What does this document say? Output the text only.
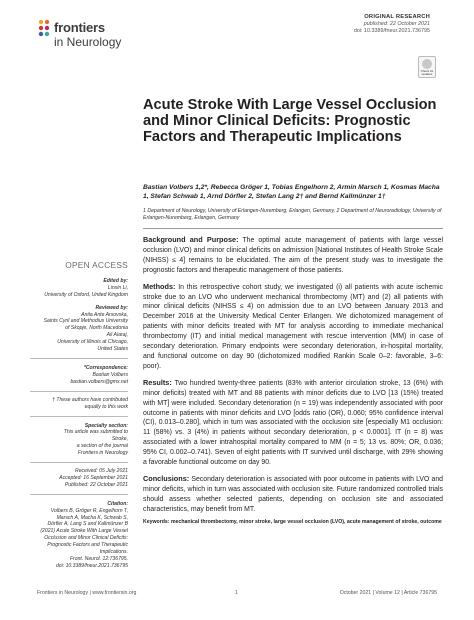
frontiers
in Neurology
ORIGINAL RESEARCH
published: 22 October 2021
doi: 10.3389/fneur.2021.736795
Check for updates
Acute Stroke With Large Vessel Occlusion and Minor Clinical Deficits: Prognostic Factors and Therapeutic Implications
Bastian Volbers 1,2*, Rebecca Gröger 1, Tobias Engelhorn 2, Armin Marsch 1, Kosmas Macha 1, Stefan Schwab 1, Arnd Dörfler 2, Stefan Lang 2† and Bernd Kallmünzer 1†
1 Department of Neurology, University of Erlangen-Nuremberg, Erlangen, Germany, 2 Department of Neuroradiology, University of Erlangen-Nuremberg, Erlangen, Germany

Background and Purpose: The optimal acute management of patients with large vessel occlusion (LVO) and minor clinical deficits on admission [National Institutes of Health Stroke Scale (NIHSS) ≤ 4] remains to be elucidated. The aim of the present study was to investigate the prognostic factors and therapeutic management of those patients.

Methods: In this retrospective cohort study, we investigated (i) all patients with acute ischemic stroke due to an LVO who underwent mechanical thrombectomy (MT) and (2) all patients with minor clinical deficits (NIHSS ≤ 4) on admission due to an LVO between January 2013 and December 2016 at the University Medical Center Erlangen. We dichotomized management of patients with minor deficits treated with MT for analysis according to immediate mechanical thrombectomy (IT) and initial medical management with rescue intervention (MM) in case of secondary deterioration. Primary endpoints were secondary deterioration, in-hospital mortality, and functional outcome on day 90 (dichotomized modified Rankin Scale 0–2: favorable, 3–6: poor).

Results: Two hundred twenty-three patients (83% with anterior circulation stroke, 13 (6%) with minor deficits) treated with MT and 88 patients with minor deficits due to LVO [13 (15%) treated with MT] were included. Secondary deterioration (n = 19) was independently associated with poor outcome in patients with minor deficits and LVO [odds ratio (OR), 0.060; 95% confidence interval (CI), 0.013–0.280], which in turn was associated with the occlusion site [especially M1 occlusion: 11 (58%) vs. 3 (4%) in patients without secondary deterioration, p < 0.0001]. IT (n = 8) was associated with a lower intrahospital mortality compared to MM (n = 5; 13 vs. 80%; OR, 0.036; 95% CI, 0.002–0.741). Seven of eight patients with IT survived until discharge, with 29% showing a favorable functional outcome on day 90.

Conclusions: Secondary deterioration is associated with poor outcome in patients with LVO and minor deficits, which in turn was associated with occlusion site. Future randomized controlled trials should assess whether selected patients, depending on occlusion site and associated characteristics, may benefit from MT.

Keywords: mechanical thrombectomy, minor stroke, large vessel occlusion (LVO), acute management of stroke, outcome

OPEN ACCESS
Edited by:
Linxin Li,
University of Oxford, United Kingdom
Reviewed by:
Anita Ante Arsovska,
Saints Cyril and Methodius University
of Skopje, North Macedonia
Ali Alaraj,
University of Illinois at Chicago,
United States
*Correspondence:
Bastian Volbers
bastian.volbers@gmx.net
† These authors have contributed
equally to this work
Specialty section:
This article was submitted to
Stroke,
a section of the journal
Frontiers in Neurology
Received: 05 July 2021
Accepted: 16 September 2021
Published: 22 October 2021
Citation:
Volbers B, Gröger R, Engelhorn T,
Marsch A, Macha K, Schwab S,
Dörfler A, Lang S and Kallmünzer B
(2021) Acute Stroke With Large Vessel
Occlusion and Minor Clinical Deficits:
Prognostic Factors and Therapeutic
Implications.
Front. Neurol. 12:736795.
doi: 10.3389/fneur.2021.736795
Frontiers in Neurology | www.frontiersin.org	1	October 2021 | Volume 12 | Article 736795
